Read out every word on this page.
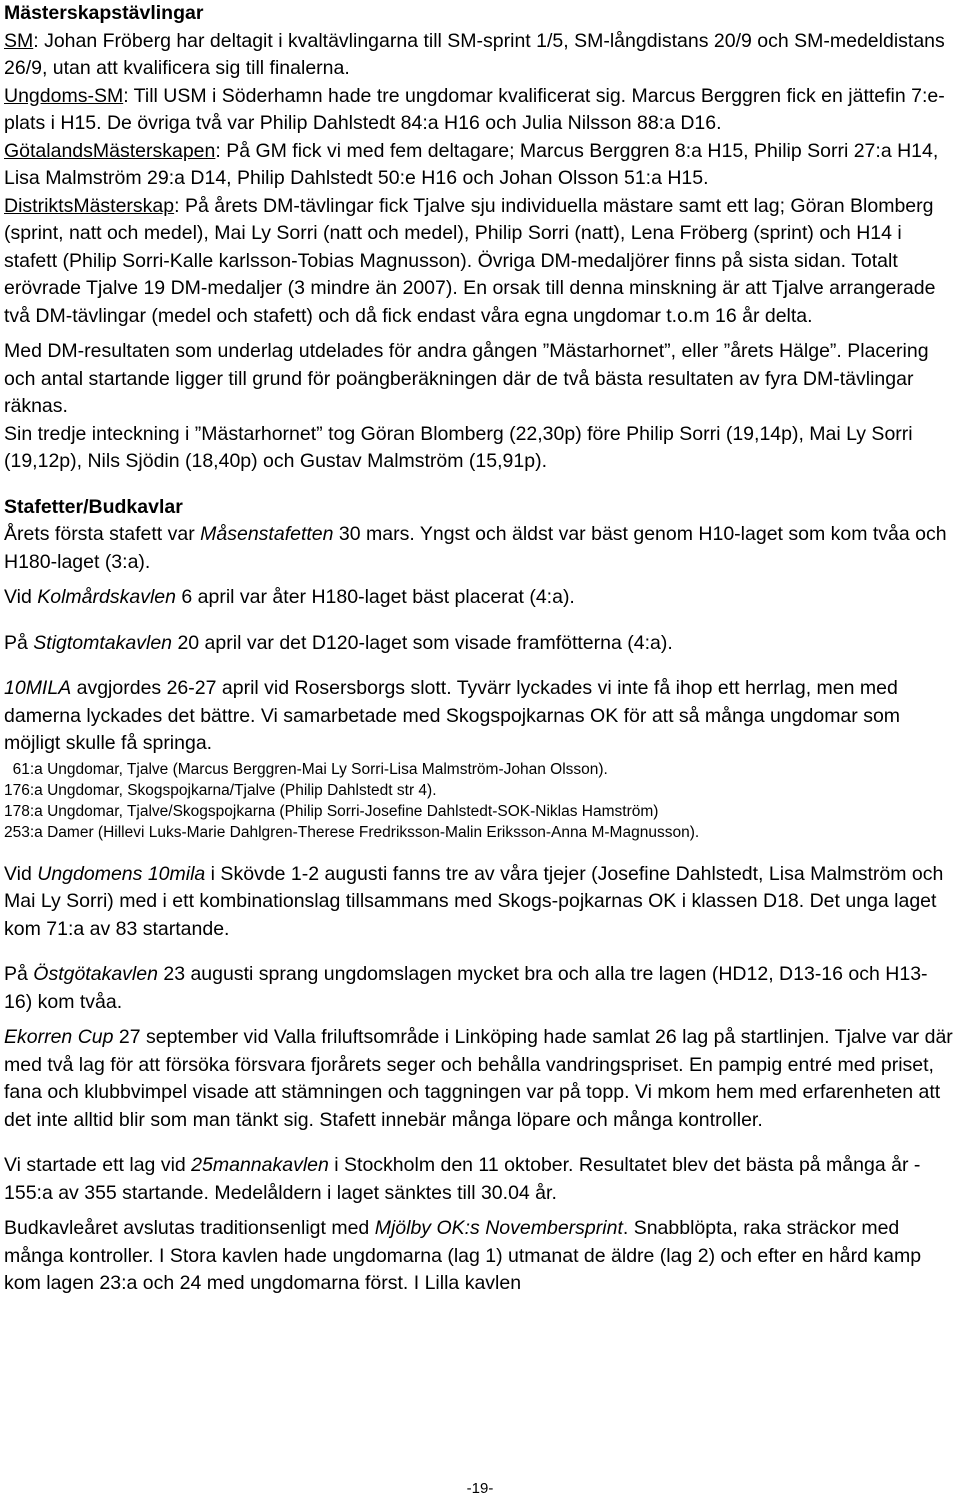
Mästerskapstävlingar

SM: Johan Fröberg har deltagit i kvaltävlingarna till SM-sprint 1/5, SM-långdistans 20/9 och SM-medeldistans 26/9, utan att kvalificera sig till finalerna.

Ungdoms-SM: Till USM i Söderhamn hade tre ungdomar kvalificerat sig. Marcus Berggren fick en jättefin 7:e-plats i H15. De övriga två var Philip Dahlstedt 84:a H16 och Julia Nilsson 88:a D16.

GötalandsMästerskapen: På GM fick vi med fem deltagare; Marcus Berggren 8:a H15, Philip Sorri 27:a H14, Lisa Malmström 29:a D14, Philip Dahlstedt 50:e H16 och Johan Olsson 51:a H15.

DistriktsMästerskap: På årets DM-tävlingar fick Tjalve sju individuella mästare samt ett lag; Göran Blomberg (sprint, natt och medel), Mai Ly Sorri (natt och medel), Philip Sorri (natt), Lena Fröberg (sprint) och H14 i stafett (Philip Sorri-Kalle karlsson-Tobias Magnusson). Övriga DM-medaljörer finns på sista sidan. Totalt erövrade Tjalve 19 DM-medaljer (3 mindre än 2007). En orsak till denna minskning är att Tjalve arrangerade två DM-tävlingar (medel och stafett) och då fick endast våra egna ungdomar t.o.m 16 år delta.

Med DM-resultaten som underlag utdelades för andra gången ”Mästarhornet”, eller ”årets Hälge”. Placering och antal startande ligger till grund för poängberäkningen där de två bästa resultaten av fyra DM-tävlingar räknas.

Sin tredje inteckning i ”Mästarhornet” tog Göran Blomberg (22,30p) före Philip Sorri (19,14p), Mai Ly Sorri (19,12p), Nils Sjödin (18,40p) och Gustav Malmström (15,91p).

Stafetter/Budkavlar

Årets första stafett var Måsenstafetten 30 mars. Yngst och äldst var bäst genom H10-laget som kom tvåa och H180-laget (3:a).

Vid Kolmårdskavlen 6 april var åter H180-laget bäst placerat (4:a).

På Stigtomtakavlen 20 april var det D120-laget som visade framfötterna (4:a).

10MILA avgjordes 26-27 april vid Rosersborgs slott. Tyvärr lyckades vi inte få ihop ett herrlag, men med damerna lyckades det bättre. Vi samarbetade med Skogspojkarnas OK för att så många ungdomar som möjligt skulle få springa.

61:a Ungdomar, Tjalve (Marcus Berggren-Mai Ly Sorri-Lisa Malmström-Johan Olsson).

176:a Ungdomar, Skogspojkarna/Tjalve (Philip Dahlstedt str 4).

178:a Ungdomar, Tjalve/Skogspojkarna (Philip Sorri-Josefine Dahlstedt-SOK-Niklas Hamström)

253:a Damer (Hillevi Luks-Marie Dahlgren-Therese Fredriksson-Malin Eriksson-Anna M-Magnusson).

Vid Ungdomens 10mila i Skövde 1-2 augusti fanns tre av våra tjejer (Josefine Dahlstedt, Lisa Malmström och Mai Ly Sorri) med i ett kombinationslag tillsammans med Skogs-pojkarnas OK i klassen D18. Det unga laget kom 71:a av 83 startande.

På Östgötakavlen 23 augusti sprang ungdomslagen mycket bra och alla tre lagen (HD12, D13-16 och H13-16) kom tvåa.

Ekorren Cup 27 september vid Valla friluftsområde i Linköping hade samlat 26 lag på startlinjen. Tjalve var där med två lag för att försöka försvara fjorårets seger och behålla vandringspriset. En pampig entré med priset, fana och klubbvimpel visade att stämningen och taggningen var på topp. Vi mkom hem med erfarenheten att det inte alltid blir som man tänkt sig. Stafett innebär många löpare och många kontroller.

Vi startade ett lag vid 25mannakavlen i Stockholm den 11 oktober. Resultatet blev det bästa på många år - 155:a av 355 startande. Medelåldern i laget sänktes till 30.04 år.

Budkavleåret avslutas traditionsenligt med Mjölby OK:s Novembersprint. Snabblöpta, raka sträckor med många kontroller. I Stora kavlen hade ungdomarna (lag 1) utmanat de äldre (lag 2) och efter en hård kamp kom lagen 23:a och 24 med ungdomarna först. I Lilla kavlen

-19-
